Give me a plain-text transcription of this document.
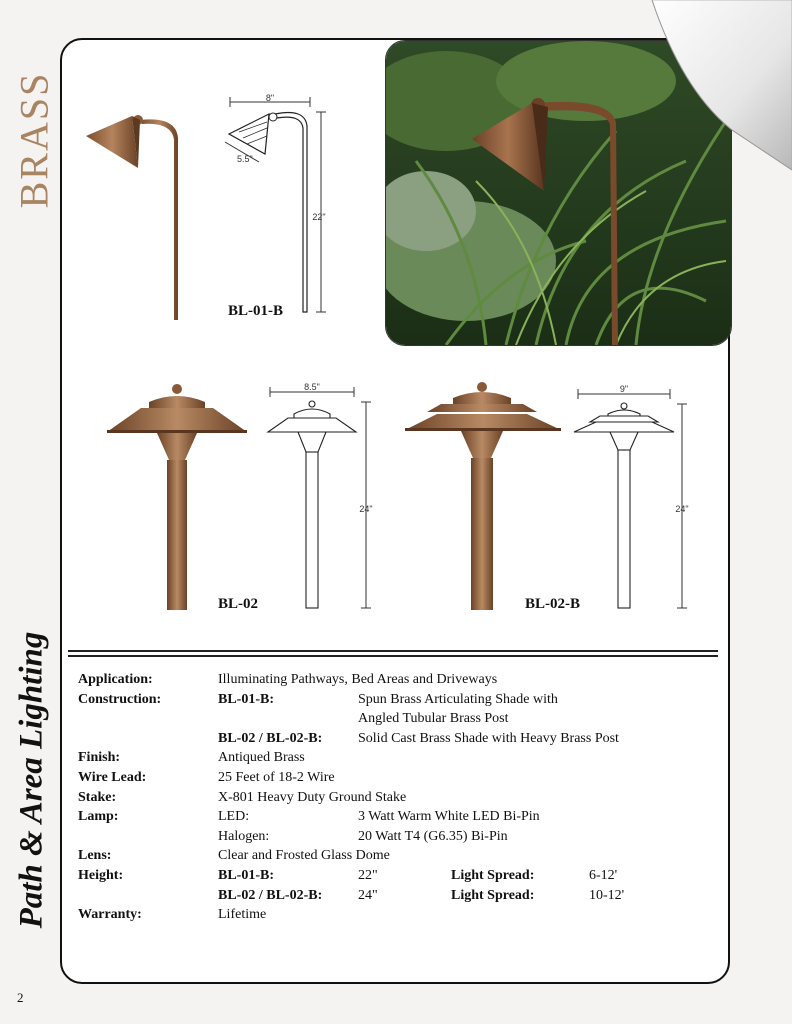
BRASS
Path & Area Lighting
2
8"
5.5"
22"
BL-01-B
8.5"
24"
BL-02
9"
24"
BL-02-B
Application:	Illuminating Pathways, Bed Areas and Driveways
Construction:	BL-01-B:	Spun Brass Articulating Shade with
Angled Tubular Brass Post
BL-02 / BL-02-B:	Solid Cast Brass Shade with Heavy Brass Post
Finish:	Antiqued Brass
Wire Lead:	25 Feet of 18-2 Wire
Stake:	X-801 Heavy Duty Ground Stake
Lamp:	LED:	3 Watt Warm White LED Bi-Pin
Halogen:	20 Watt T4 (G6.35) Bi-Pin
Lens:	Clear and Frosted Glass Dome
Height:	BL-01-B:	22"	Light Spread:	6-12'
BL-02 / BL-02-B:	24"	Light Spread:	10-12'
Warranty:	Lifetime
